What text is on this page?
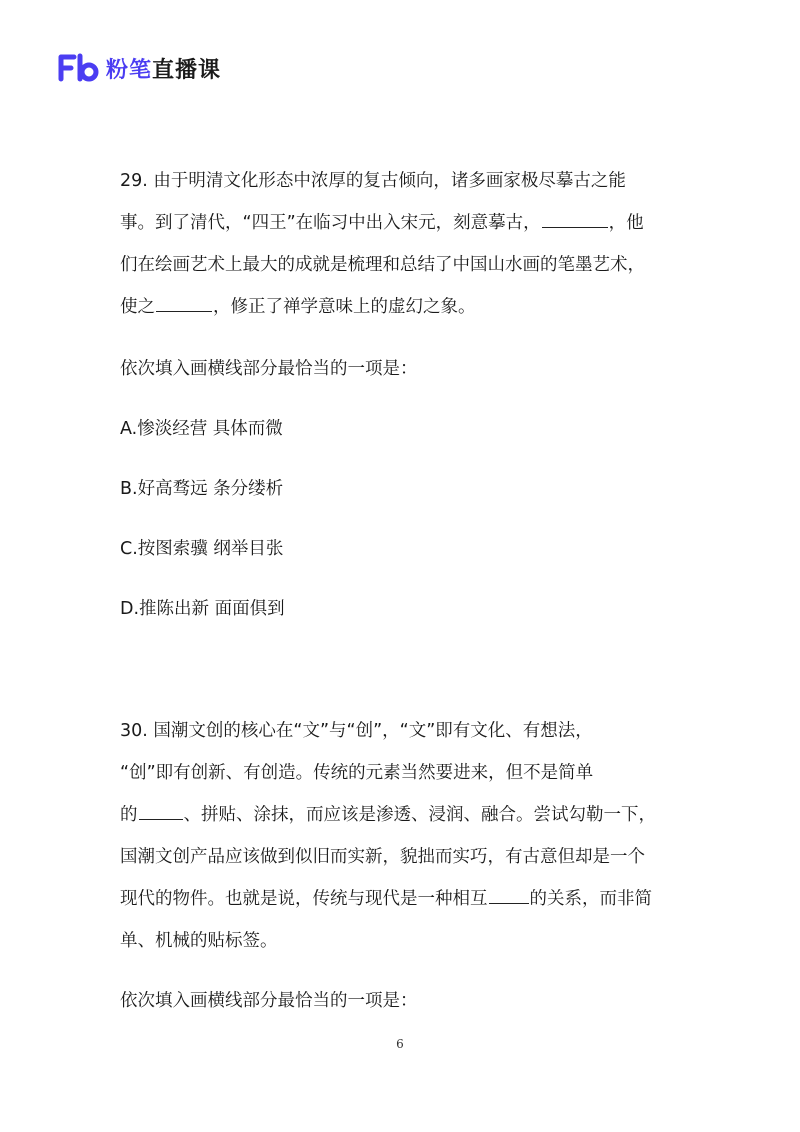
粉笔直播课
29. 由于明清文化形态中浓厚的复古倾向，诸多画家极尽摹古之能
事。到了清代，“四王”在临习中出入宋元，刻意摹古，	，他
们在绘画艺术上最大的成就是梳理和总结了中国山水画的笔墨艺术，
使之	，修正了禅学意味上的虚幻之象。
依次填入画横线部分最恰当的一项是：
A.惨淡经营 具体而微
B.好高骛远 条分缕析
C.按图索骥 纲举目张
D.推陈出新 面面俱到
30. 国潮文创的核心在“文”与“创”，“文”即有文化、有想法，
“创”即有创新、有创造。传统的元素当然要进来，但不是简单
的	、拼贴、涂抹，而应该是渗透、浸润、融合。尝试勾勒一下，
国潮文创产品应该做到似旧而实新，貌拙而实巧，有古意但却是一个
现代的物件。也就是说，传统与现代是一种相互 的关系，而非简
单、机械的贴标签。
依次填入画横线部分最恰当的一项是：
6
